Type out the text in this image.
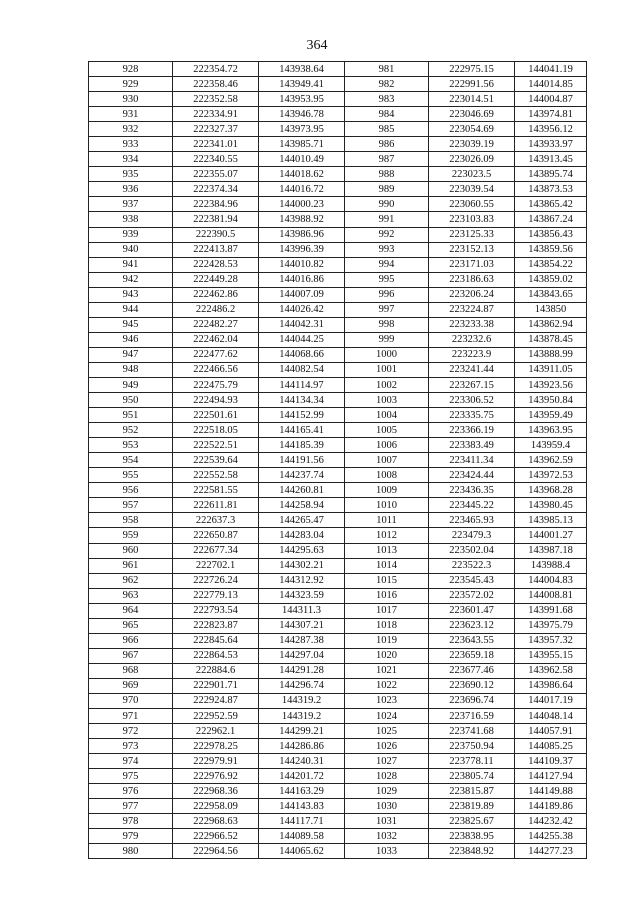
364
928	222354.72	143938.64	981	222975.15	144041.19
929	222358.46	143949.41	982	222991.56	144014.85
930	222352.58	143953.95	983	223014.51	144004.87
931	222334.91	143946.78	984	223046.69	143974.81
932	222327.37	143973.95	985	223054.69	143956.12
933	222341.01	143985.71	986	223039.19	143933.97
934	222340.55	144010.49	987	223026.09	143913.45
935	222355.07	144018.62	988	223023.5	143895.74
936	222374.34	144016.72	989	223039.54	143873.53
937	222384.96	144000.23	990	223060.55	143865.42
938	222381.94	143988.92	991	223103.83	143867.24
939	222390.5	143986.96	992	223125.33	143856.43
940	222413.87	143996.39	993	223152.13	143859.56
941	222428.53	144010.82	994	223171.03	143854.22
942	222449.28	144016.86	995	223186.63	143859.02
943	222462.86	144007.09	996	223206.24	143843.65
944	222486.2	144026.42	997	223224.87	143850
945	222482.27	144042.31	998	223233.38	143862.94
946	222462.04	144044.25	999	223232.6	143878.45
947	222477.62	144068.66	1000	223223.9	143888.99
948	222466.56	144082.54	1001	223241.44	143911.05
949	222475.79	144114.97	1002	223267.15	143923.56
950	222494.93	144134.34	1003	223306.52	143950.84
951	222501.61	144152.99	1004	223335.75	143959.49
952	222518.05	144165.41	1005	223366.19	143963.95
953	222522.51	144185.39	1006	223383.49	143959.4
954	222539.64	144191.56	1007	223411.34	143962.59
955	222552.58	144237.74	1008	223424.44	143972.53
956	222581.55	144260.81	1009	223436.35	143968.28
957	222611.81	144258.94	1010	223445.22	143980.45
958	222637.3	144265.47	1011	223465.93	143985.13
959	222650.87	144283.04	1012	223479.3	144001.27
960	222677.34	144295.63	1013	223502.04	143987.18
961	222702.1	144302.21	1014	223522.3	143988.4
962	222726.24	144312.92	1015	223545.43	144004.83
963	222779.13	144323.59	1016	223572.02	144008.81
964	222793.54	144311.3	1017	223601.47	143991.68
965	222823.87	144307.21	1018	223623.12	143975.79
966	222845.64	144287.38	1019	223643.55	143957.32
967	222864.53	144297.04	1020	223659.18	143955.15
968	222884.6	144291.28	1021	223677.46	143962.58
969	222901.71	144296.74	1022	223690.12	143986.64
970	222924.87	144319.2	1023	223696.74	144017.19
971	222952.59	144319.2	1024	223716.59	144048.14
972	222962.1	144299.21	1025	223741.68	144057.91
973	222978.25	144286.86	1026	223750.94	144085.25
974	222979.91	144240.31	1027	223778.11	144109.37
975	222976.92	144201.72	1028	223805.74	144127.94
976	222968.36	144163.29	1029	223815.87	144149.88
977	222958.09	144143.83	1030	223819.89	144189.86
978	222968.63	144117.71	1031	223825.67	144232.42
979	222966.52	144089.58	1032	223838.95	144255.38
980	222964.56	144065.62	1033	223848.92	144277.23
